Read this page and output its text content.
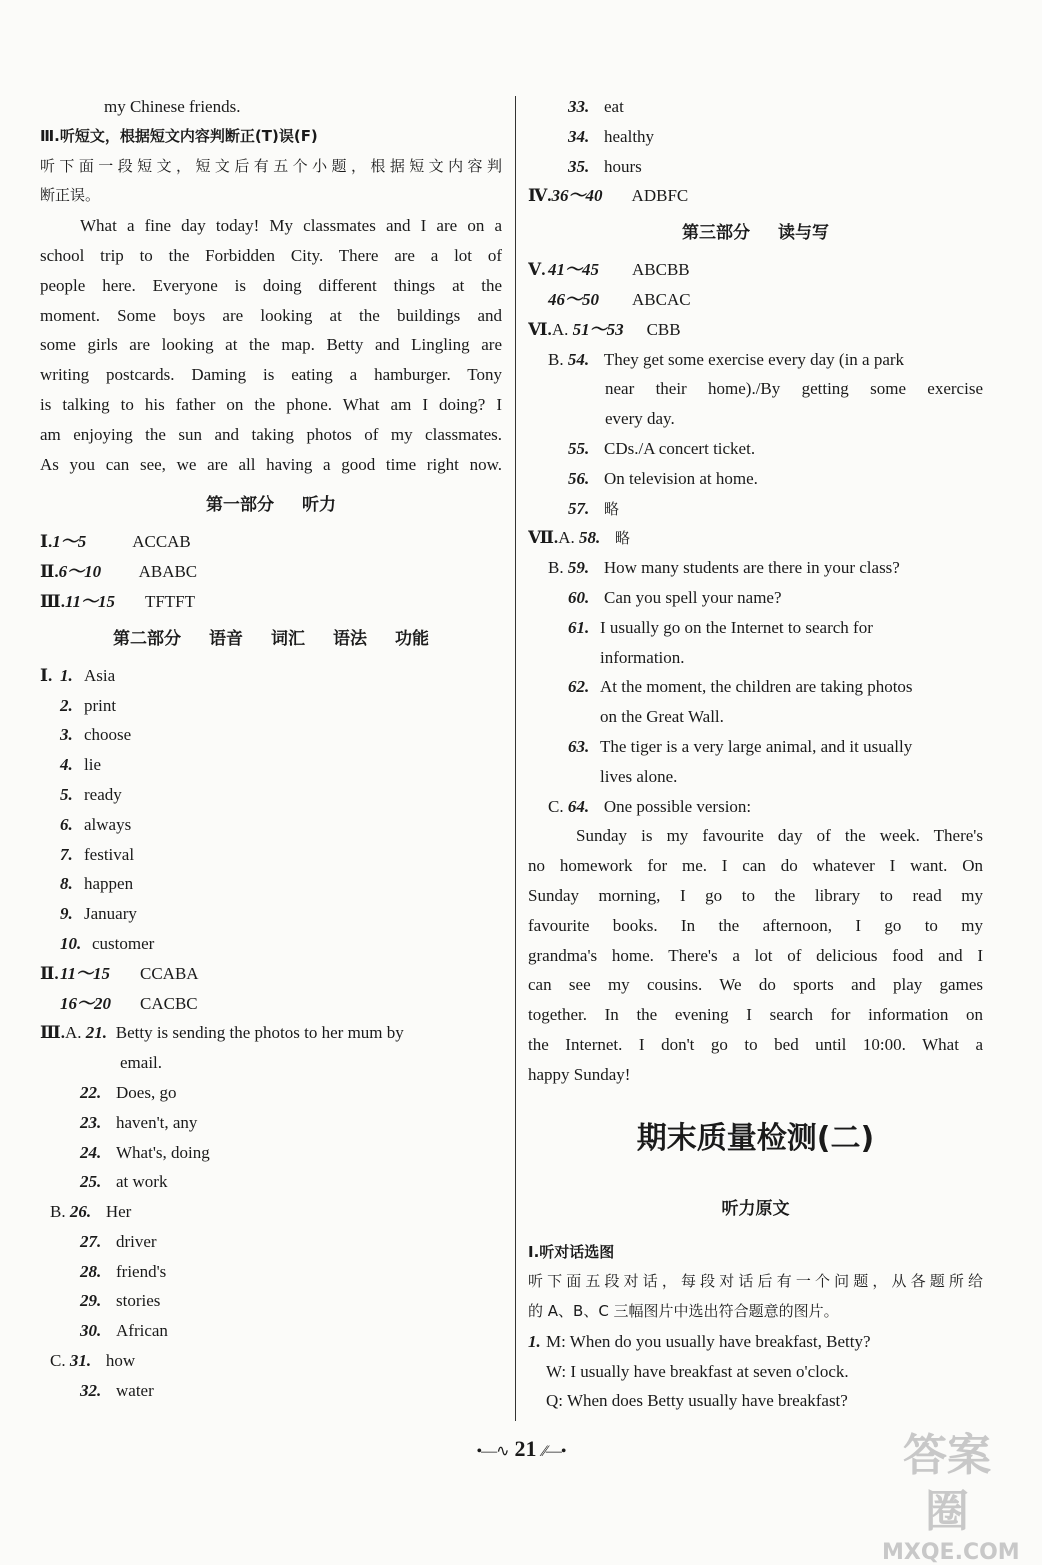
my Chinese friends.
Ⅲ.听短文，根据短文内容判断正(T)误(F)
听下面一段短文，短文后有五个小题，根据短文内容判
断正误。
What a fine day today! My classmates and I are on a
school trip to the Forbidden City. There are a lot of
people here. Everyone is doing different things at the
moment. Some boys are looking at the buildings and
some girls are looking at the map. Betty and Lingling are
writing postcards. Daming is eating a hamburger. Tony
is talking to his father on the phone. What am I doing? I
am enjoying the sun and taking photos of my classmates.
As you can see, we are all having a good time right now.
第一部分 听力
Ⅰ.1～5	ACCAB
Ⅱ.6～10 ABABC
Ⅲ.11～15 TFTFT
第二部分 语音 词汇 语法 功能
Ⅰ. 1. Asia
2. print
3. choose
4. lie
5. ready
6. always
7. festival
8. happen
9. January
10. customer
Ⅱ.11～15 CCABA
16～20 CACBC
Ⅲ.A. 21. Betty is sending the photos to her mum by
email.
22. Does, go
23. haven't, any
24. What's, doing
25. at work
B. 26. Her
27. driver
28. friend's
29. stories
30. African
C. 31. how
32. water
33. eat
34. healthy
35. hours
Ⅳ.36～40 ADBFC
第三部分 读与写
Ⅴ. 41～45 ABCBB
46～50 ABCAC
Ⅵ.A. 51～53 CBB
B. 54. They get some exercise every day (in a park
near their home)./By getting some exercise
every day.
55. CDs./A concert ticket.
56. On television at home.
57. 略
Ⅶ.A. 58. 略
B. 59. How many students are there in your class?
60. Can you spell your name?
61. I usually go on the Internet to search for
information.
62. At the moment, the children are taking photos
on the Great Wall.
63. The tiger is a very large animal, and it usually
lives alone.
C. 64. One possible version:
Sunday is my favourite day of the week. There's
no homework for me. I can do whatever I want. On
Sunday morning, I go to the library to read my
favourite books. In the afternoon, I go to my
grandma's home. There's a lot of delicious food and I
can see my cousins. We do sports and play games
together. In the evening I search for information on
the Internet. I don't go to bed until 10:00. What a
happy Sunday!
期末质量检测(二)
听力原文
Ⅰ.听对话选图
听下面五段对话，每段对话后有一个问题，从各题所给
的 A、B、C 三幅图片中选出符合题意的图片。
1. M: When do you usually have breakfast, Betty?
W: I usually have breakfast at seven o'clock.
Q: When does Betty usually have breakfast?
•—∿ 21 ∕∕—•	答案圈
MXQE.COM
